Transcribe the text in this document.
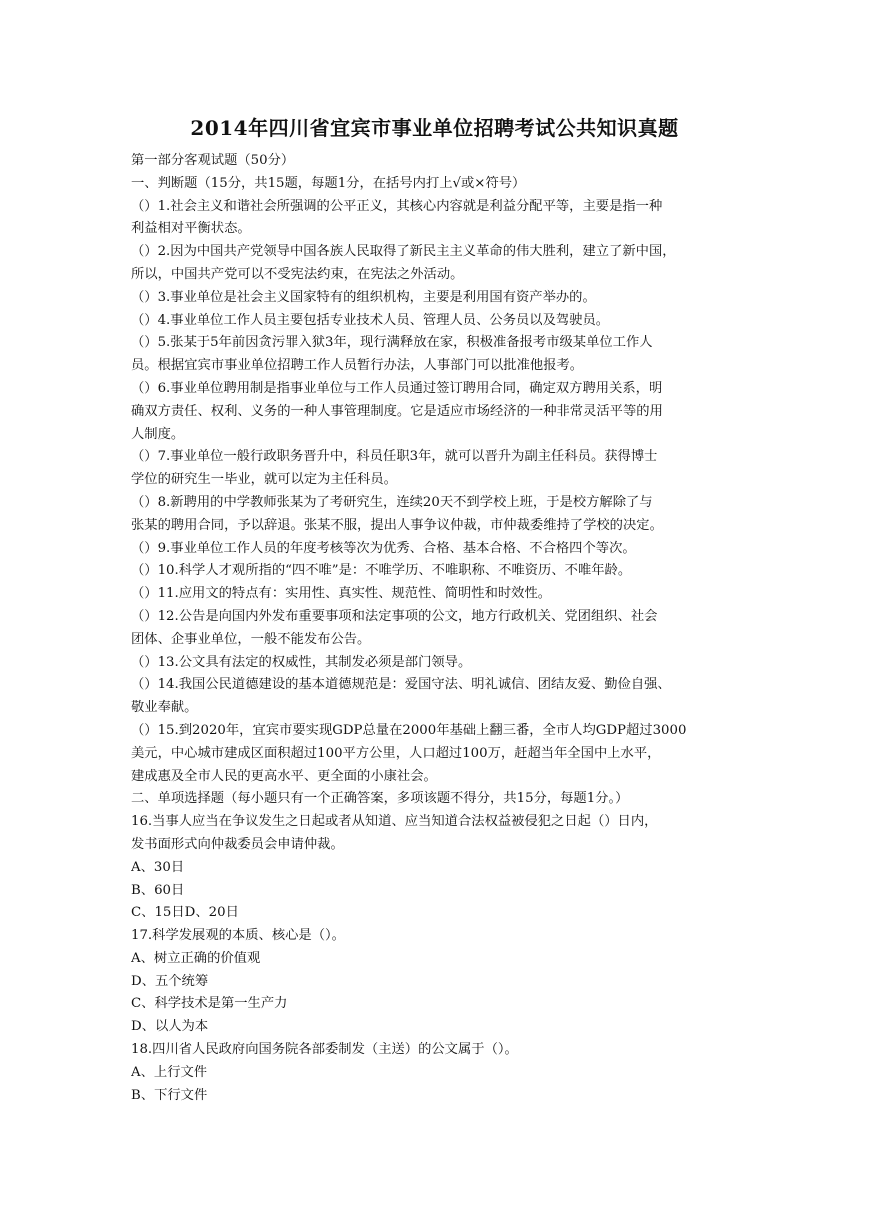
2014年四川省宜宾市事业单位招聘考试公共知识真题
第一部分客观试题（50分）
一、判断题（15分，共15题，每题1分，在括号内打上√或×符号）
（）1.社会主义和谐社会所强调的公平正义，其核心内容就是利益分配平等，主要是指一种
利益相对平衡状态。
（）2.因为中国共产党领导中国各族人民取得了新民主主义革命的伟大胜利，建立了新中国，
所以，中国共产党可以不受宪法约束，在宪法之外活动。
（）3.事业单位是社会主义国家特有的组织机构，主要是利用国有资产举办的。
（）4.事业单位工作人员主要包括专业技术人员、管理人员、公务员以及驾驶员。
（）5.张某于5年前因贪污罪入狱3年，现行满释放在家，积极准备报考市级某单位工作人
员。根据宜宾市事业单位招聘工作人员暂行办法，人事部门可以批准他报考。
（）6.事业单位聘用制是指事业单位与工作人员通过签订聘用合同，确定双方聘用关系，明
确双方责任、权利、义务的一种人事管理制度。它是适应市场经济的一种非常灵活平等的用
人制度。
（）7.事业单位一般行政职务晋升中，科员任职3年，就可以晋升为副主任科员。获得博士
学位的研究生一毕业，就可以定为主任科员。
（）8.新聘用的中学教师张某为了考研究生，连续20天不到学校上班，于是校方解除了与
张某的聘用合同，予以辞退。张某不服，提出人事争议仲裁，市仲裁委维持了学校的决定。
（）9.事业单位工作人员的年度考核等次为优秀、合格、基本合格、不合格四个等次。
（）10.科学人才观所指的“四不唯”是：不唯学历、不唯职称、不唯资历、不唯年龄。
（）11.应用文的特点有：实用性、真实性、规范性、简明性和时效性。
（）12.公告是向国内外发布重要事项和法定事项的公文，地方行政机关、党团组织、社会
团体、企事业单位，一般不能发布公告。
（）13.公文具有法定的权威性，其制发必须是部门领导。
（）14.我国公民道德建设的基本道德规范是：爱国守法、明礼诚信、团结友爱、勤俭自强、
敬业奉献。
（）15.到2020年，宜宾市要实现GDP总量在2000年基础上翻三番，全市人均GDP超过3000
美元，中心城市建成区面积超过100平方公里，人口超过100万，赶超当年全国中上水平，
建成惠及全市人民的更高水平、更全面的小康社会。
二、单项选择题（每小题只有一个正确答案，多项该题不得分，共15分，每题1分。）
16.当事人应当在争议发生之日起或者从知道、应当知道合法权益被侵犯之日起（）日内，
发书面形式向仲裁委员会申请仲裁。
A、30日
B、60日
C、15日D、20日
17.科学发展观的本质、核心是（）。
A、树立正确的价值观
D、五个统筹
C、科学技术是第一生产力
D、以人为本
18.四川省人民政府向国务院各部委制发（主送）的公文属于（）。
A、上行文件
B、下行文件
